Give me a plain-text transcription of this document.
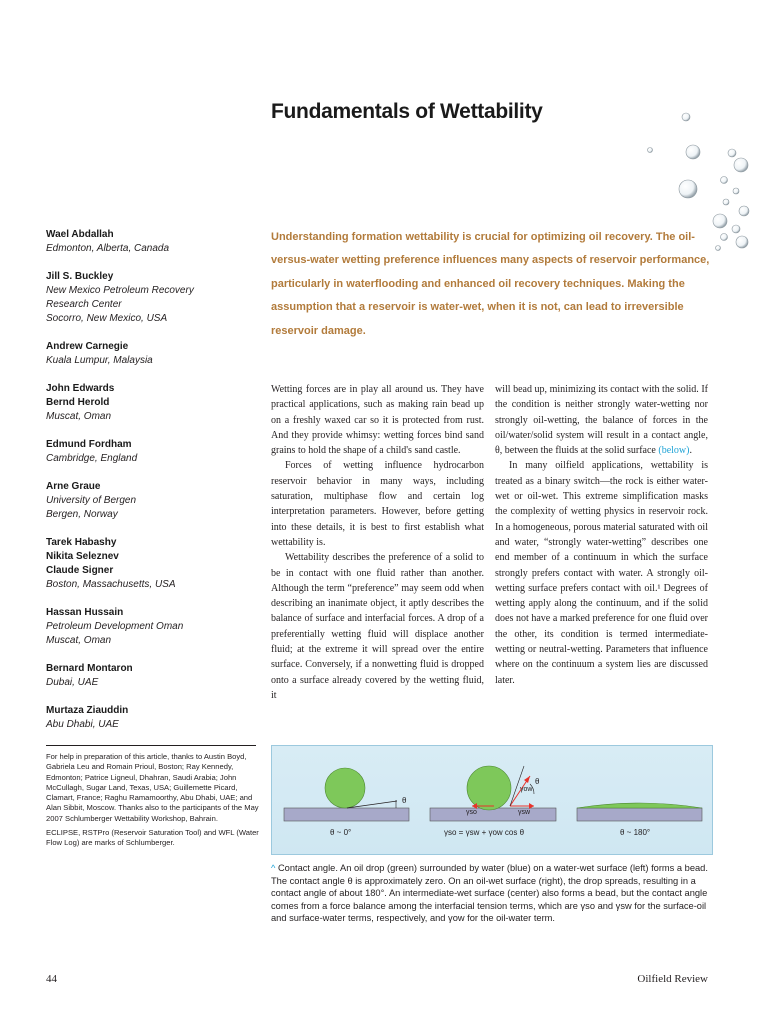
Fundamentals of Wettability
Wael Abdallah
Edmonton, Alberta, Canada
Jill S. Buckley
New Mexico Petroleum Recovery
Research Center
Socorro, New Mexico, USA
Andrew Carnegie
Kuala Lumpur, Malaysia
John Edwards
Bernd Herold
Muscat, Oman
Edmund Fordham
Cambridge, England
Arne Graue
University of Bergen
Bergen, Norway
Tarek Habashy
Nikita Seleznev
Claude Signer
Boston, Massachusetts, USA
Hassan Hussain
Petroleum Development Oman
Muscat, Oman
Bernard Montaron
Dubai, UAE
Murtaza Ziauddin
Abu Dhabi, UAE

Understanding formation wettability is crucial for optimizing oil recovery. The oil-versus-water wetting preference influences many aspects of reservoir performance, particularly in waterflooding and enhanced oil recovery techniques. Making the assumption that a reservoir is water-wet, when it is not, can lead to irreversible reservoir damage.

Wetting forces are in play all around us. They have practical applications, such as making rain bead up on a freshly waxed car so it is protected from rust. And they provide whimsy: wetting forces bind sand grains to hold the shape of a child's sand castle.

Forces of wetting influence hydrocarbon reservoir behavior in many ways, including saturation, multiphase flow and certain log interpretation parameters. However, before getting into these details, it is best to first establish what wettability is.

Wettability describes the preference of a solid to be in contact with one fluid rather than another. Although the term “preference” may seem odd when describing an inanimate object, it aptly describes the balance of surface and interfacial forces. A drop of a preferentially wetting fluid will displace another fluid; at the extreme it will spread over the entire surface. Conversely, if a nonwetting fluid is dropped onto a surface already covered by the wetting fluid, it

will bead up, minimizing its contact with the solid. If the condition is neither strongly water-wetting nor strongly oil-wetting, the balance of forces in the oil/water/solid system will result in a contact angle, θ, between the fluids at the solid surface (below).

In many oilfield applications, wettability is treated as a binary switch—the rock is either water-wet or oil-wet. This extreme simplification masks the complexity of wetting physics in reservoir rock. In a homogeneous, porous material saturated with oil and water, “strongly water-wetting” describes one end member of a continuum in which the surface strongly prefers contact with water. A strongly oil-wetting surface prefers contact with oil.¹ Degrees of wetting apply along the continuum, and if the solid does not have a marked preference for one fluid over the other, its condition is termed intermediate-wetting or neutral-wetting. Parameters that influence where on the continuum a system lies are discussed later.

For help in preparation of this article, thanks to Austin Boyd, Gabriela Leu and Romain Prioul, Boston; Ray Kennedy, Edmonton; Patrice Ligneul, Dhahran, Saudi Arabia; John McCullagh, Sugar Land, Texas, USA; Guillemette Picard, Clamart, France; Raghu Ramamoorthy, Abu Dhabi, UAE; and Alan Sibbit, Moscow. Thanks also to the participants of the May 2007 Schlumberger Wettability Workshop, Bahrain.

ECLIPSE, RSTPro (Reservoir Saturation Tool) and WFL (Water Flow Log) are marks of Schlumberger.

θ
θ
γow
γso	γsw
θ ~ 0°	γso = γsw + γow cos θ	θ ~ 180°

^ Contact angle. An oil drop (green) surrounded by water (blue) on a water-wet surface (left) forms a bead. The contact angle θ is approximately zero. On an oil-wet surface (right), the drop spreads, resulting in a contact angle of about 180°. An intermediate-wet surface (center) also forms a bead, but the contact angle comes from a force balance among the interfacial tension terms, which are γso and γsw for the surface-oil and surface-water terms, respectively, and γow for the oil-water term.

44	Oilfield Review
